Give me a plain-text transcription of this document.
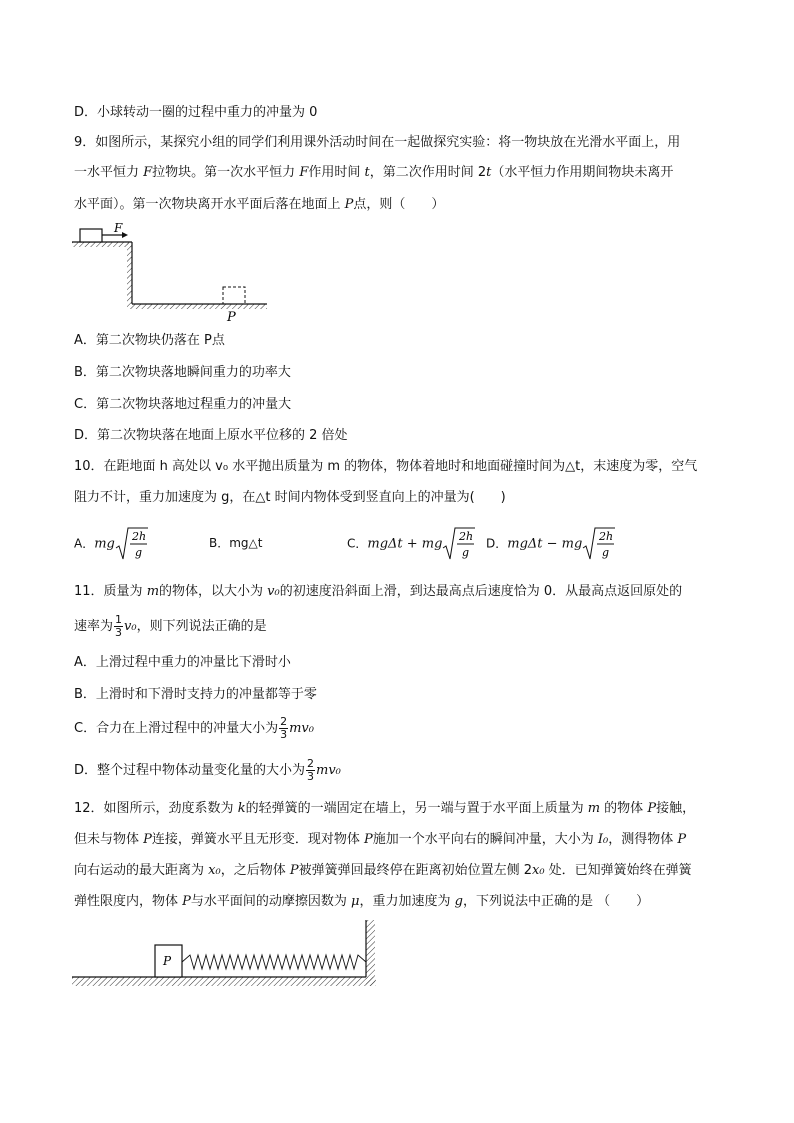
D．小球转动一圈的过程中重力的冲量为 0
9．如图所示，某探究小组的同学们利用课外活动时间在一起做探究实验：将一物块放在光滑水平面上，用
一水平恒力 F拉物块。第一次水平恒力 F作用时间 t，第二次作用时间 2t（水平恒力作用期间物块未离开
水平面）。第一次物块离开水平面后落在地面上 P点，则（　　）
F
P
A．第二次物块仍落在 P点
B．第二次物块落地瞬间重力的功率大
C．第二次物块落地过程重力的冲量大
D．第二次物块落在地面上原水平位移的 2 倍处
10．在距地面 h 高处以 v₀ 水平抛出质量为 m 的物体，物体着地时和地面碰撞时间为△t，末速度为零，空气
阻力不计，重力加速度为 g，在△t 时间内物体受到竖直向上的冲量为(　　)
A．mg 2h
g
B．mg△t	C．mgΔt + mg 2h
g
D．mgΔt − mg 2h
g
11．质量为 m的物体，以大小为 v₀的初速度沿斜面上滑，到达最高点后速度恰为 0．从最高点返回原处的
速率为 $\frac{1}{3} v_0$，则下列说法正确的是
A．上滑过程中重力的冲量比下滑时小
B．上滑时和下滑时支持力的冲量都等于零
C．合力在上滑过程中的冲量大小为 $\frac{2}{3} mv_0$
D．整个过程中物体动量变化量的大小为 $\frac{2}{3} mv_0$
12．如图所示，劲度系数为 k的轻弹簧的一端固定在墙上，另一端与置于水平面上质量为 m 的物体 P接触，
但未与物体 P连接，弹簧水平且无形变．现对物体 P施加一个水平向右的瞬间冲量，大小为 I₀，测得物体 P
向右运动的最大距离为 x₀，之后物体 P被弹簧弹回最终停在距离初始位置左侧 2x₀ 处．已知弹簧始终在弹簧
弹性限度内，物体 P与水平面间的动摩擦因数为 μ，重力加速度为 g，下列说法中正确的是 （　　）
P
